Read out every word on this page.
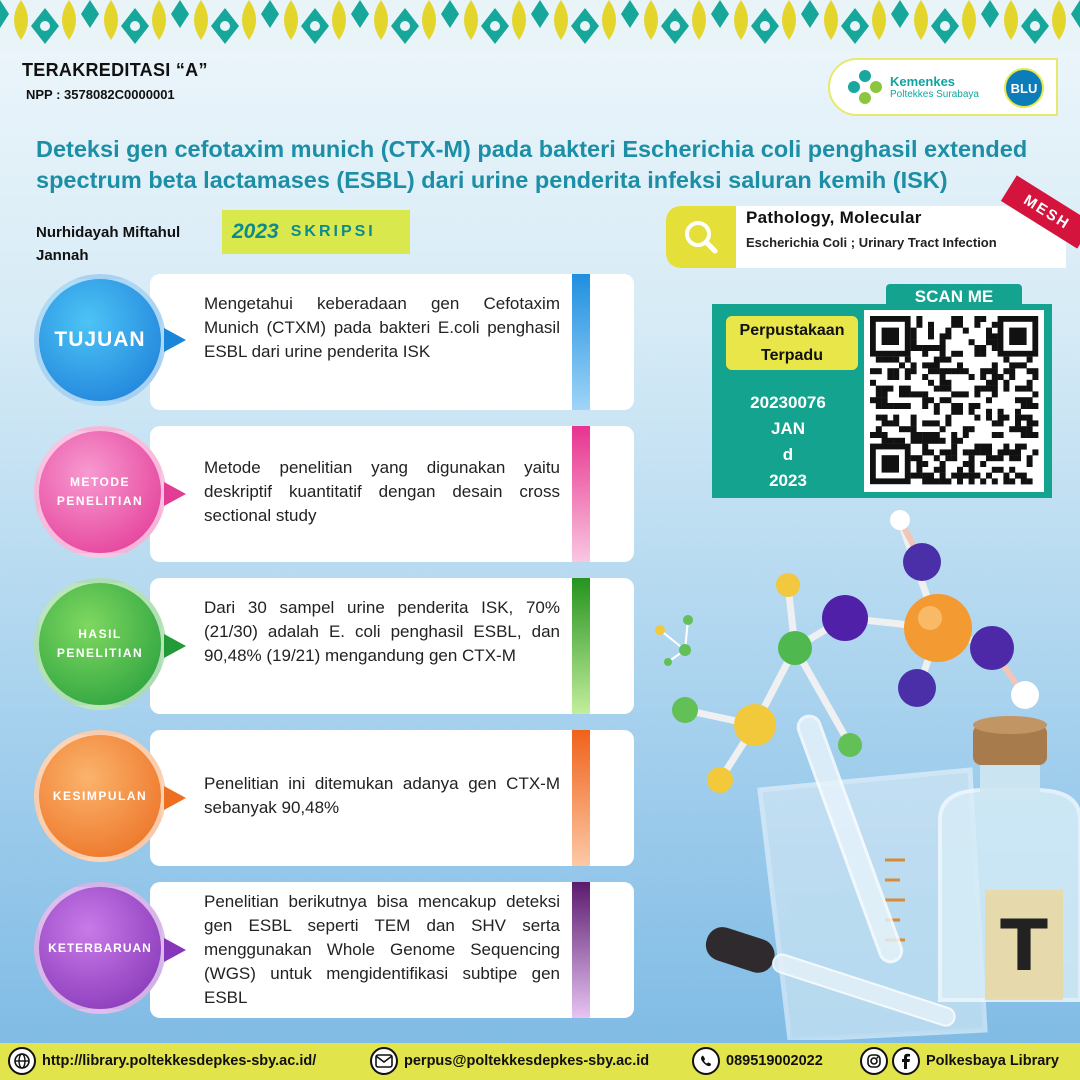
TERAKREDITASI “A”
NPP : 3578082C0000001
Kemenkes
Poltekkes Surabaya	BLU
Deteksi gen cefotaxim munich (CTX-M) pada bakteri Escherichia coli penghasil extended spectrum beta lactamases (ESBL) dari urine penderita infeksi saluran kemih (ISK)
Nurhidayah Miftahul
Jannah
2023 SKRIPSI
Pathology, Molecular
Escherichia Coli ; Urinary Tract Infection
MESH
Mengetahui keberadaan gen Cefotaxim Munich (CTXM) pada bakteri E.coli penghasil ESBL dari urine penderita ISK
TUJUAN
Metode penelitian yang digunakan yaitu deskriptif kuantitatif dengan desain cross sectional study
METODE
PENELITIAN
Dari 30 sampel urine penderita ISK, 70% (21/30) adalah E. coli penghasil ESBL, dan 90,48% (19/21) mengandung gen CTX-M
HASIL
PENELITIAN
Penelitian ini ditemukan adanya gen CTX-M sebanyak 90,48%
KESIMPULAN
Penelitian berikutnya bisa mencakup deteksi gen ESBL seperti TEM dan SHV serta menggunakan Whole Genome Sequencing (WGS) untuk mengidentifikasi subtipe gen ESBL
KETERBARUAN
SCAN ME
Perpustakaan
Terpadu
20230076
JAN
d
2023
T
http://library.poltekkesdepkes-sby.ac.id/	perpus@poltekkesdepkes-sby.ac.id	089519002022	Polkesbaya Library
